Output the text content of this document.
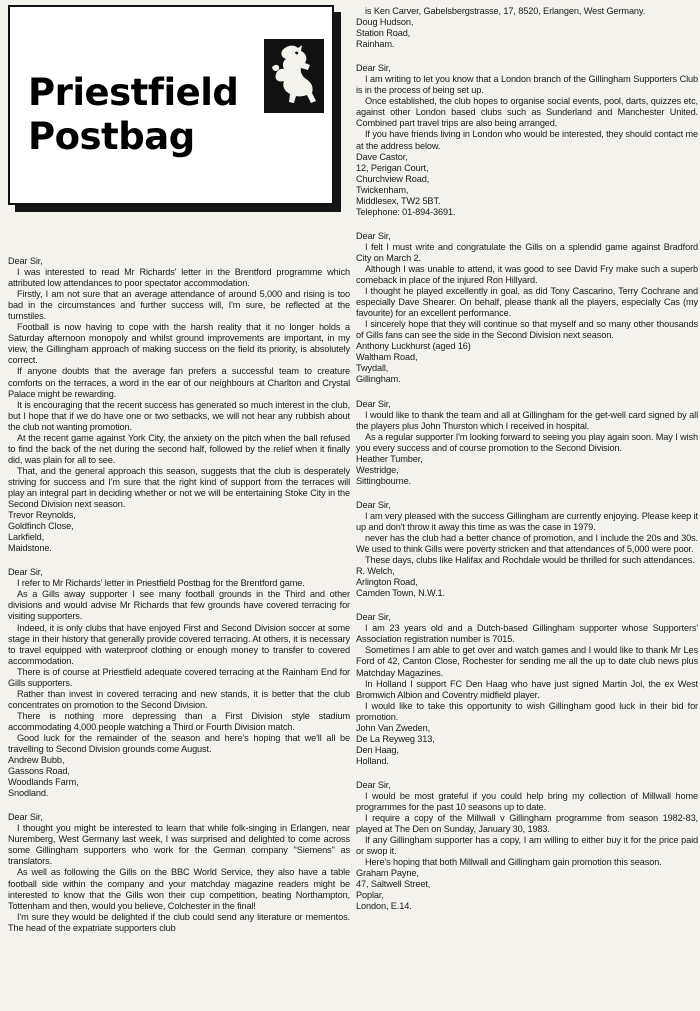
Priestfield
Postbag
Dear Sir,
I was interested to read Mr Richards' letter in the Brentford programme which attributed low attendances to poor spectator accommodation.
Firstly, I am not sure that an average attendance of around 5,000 and rising is too bad in the circumstances and further success will, I'm sure, be reflected at the turnstiles.
Football is now having to cope with the harsh reality that it no longer holds a Saturday afternoon monopoly and whilst ground improvements are important, in my view, the Gillingham approach of making success on the field its priority, is absolutely correct.
If anyone doubts that the average fan prefers a successful team to creature comforts on the terraces, a word in the ear of our neighbours at Charlton and Crystal Palace might be rewarding.
It is encouraging that the recent success has generated so much interest in the club, but I hope that if we do have one or two setbacks, we will not hear any rubbish about the club not wanting promotion.
At the recent game against York City, the anxiety on the pitch when the ball refused to find the back of the net during the second half, followed by the relief when it finally did, was plain for all to see.
That, and the general approach this season, suggests that the club is desperately striving for success and I'm sure that the right kind of support from the terraces will play an integral part in deciding whether or not we will be entertaining Stoke City in the Second Division next season.
Trevor Reynolds,
Goldfinch Close,
Larkfield,
Maidstone.
Dear Sir,
I refer to Mr Richards' letter in Priestfield Postbag for the Brentford game.
As a Gills away supporter I see many football grounds in the Third and other divisions and would advise Mr Richards that few grounds have covered terracing for visiting supporters.
Indeed, it is only clubs that have enjoyed First and Second Division soccer at some stage in their history that generally provide covered terracing. At others, it is necessary to travel equipped with waterproof clothing or enough money to transfer to covered accommodation.
There is of course at Priestfield adequate covered terracing at the Rainham End for Gills supporters.
Rather than invest in covered terracing and new stands, it is better that the club concentrates on promotion to the Second Division.
There is nothing more depressing than a First Division style stadium accommodating 4,000 people watching a Third or Fourth Division match.
Good luck for the remainder of the season and here's hoping that we'll all be travelling to Second Division grounds come August.
Andrew Bubb,
Gassons Road,
Woodlands Farm,
Snodland.
Dear Sir,
I thought you might be interested to learn that while folk-singing in Erlangen, near Nuremberg, West Germany last week, I was surprised and delighted to come across some Gillingham supporters who work for the German company "Siemens" as translators.
As well as following the Gills on the BBC World Service, they also have a table football side within the company and your matchday magazine readers might be interested to know that the Gills won their cup competition, beating Northampton, Tottenham and then, would you believe, Colchester in the final!
I'm sure they would be delighted if the club could send any literature or mementos. The head of the expatriate supporters club
is Ken Carver, Gabelsbergstrasse, 17, 8520, Erlangen, West Germany.
Doug Hudson,
Station Road,
Rainham.
Dear Sir,
I am writing to let you know that a London branch of the Gillingham Supporters Club is in the process of being set up.
Once established, the club hopes to organise social events, pool, darts, quizzes etc, against other London based clubs such as Sunderland and Manchester United. Combined part travel trips are also being arranged.
If you have friends living in London who would be interested, they should contact me at the address below.
Dave Castor,
12, Perigan Court,
Churchview Road,
Twickenham,
Middlesex, TW2 5BT.
Telephone: 01-894-3691.
Dear Sir,
I felt I must write and congratulate the Gills on a splendid game against Bradford City on March 2.
Although I was unable to attend, it was good to see David Fry make such a superb comeback in place of the injured Ron Hillyard.
I thought he played excellently in goal, as did Tony Cascarino, Terry Cochrane and especially Dave Shearer. On behalf, please thank all the players, especially Cas (my favourite) for an excellent performance.
I sincerely hope that they will continue so that myself and so many other thousands of Gills fans can see the side in the Second Division next season.
Anthony Luckhurst (aged 16)
Waltham Road,
Twydall,
Gillingham.
Dear Sir,
I would like to thank the team and all at Gillingham for the get-well card signed by all the players plus John Thurston which I received in hospital.
As a regular supporter I'm looking forward to seeing you play again soon. May I wish you every success and of course promotion to the Second Division.
Heather Tumber,
Westridge,
Sittingbourne.
Dear Sir,
I am very pleased with the success Gillingham are currently enjoying. Please keep it up and don't throw it away this time as was the case in 1979.
never has the club had a better chance of promotion, and I include the 20s and 30s. We used to think Gills were poverty stricken and that attendances of 5,000 were poor.
These days, clubs like Halifax and Rochdale would be thrilled for such attendances.
R. Welch,
Arlington Road,
Camden Town, N.W.1.
Dear Sir,
I am 23 years old and a Dutch-based Gillingham supporter whose Supporters' Association registration number is 7015.
Sometimes I am able to get over and watch games and I would like to thank Mr Les Ford of 42, Canton Close, Rochester for sending me all the up to date club news plus Matchday Magazines.
In Holland I support FC Den Haag who have just signed Martin Jol, the ex West Bromwich Albion and Coventry midfield player.
I would like to take this opportunity to wish Gillingham good luck in their bid for promotion.
John Van Zweden,
De La Reyweg 313,
Den Haag,
Holland.
Dear Sir,
I would be most grateful if you could help bring my collection of Millwall home programmes for the past 10 seasons up to date.
I require a copy of the Millwall v Gillingham programme from season 1982-83, played at The Den on Sunday, January 30, 1983.
If any Gillingham supporter has a copy, I am willing to either buy it for the price paid or swop it.
Here's hoping that both Millwall and Gillingham gain promotion this season.
Graham Payne,
47, Saltwell Street,
Poplar,
London, E.14.
